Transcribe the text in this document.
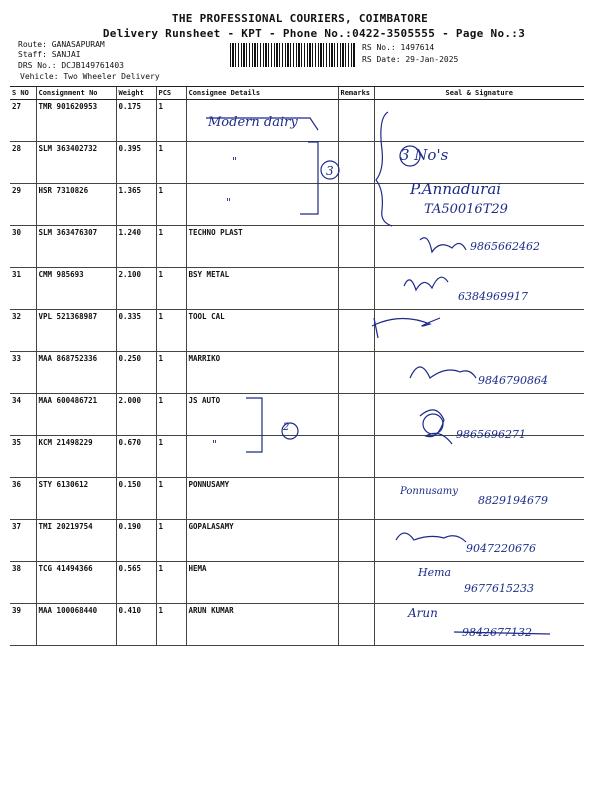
THE PROFESSIONAL COURIERS, COIMBATORE
Delivery Runsheet - KPT - Phone No.:0422-3505555 - Page No.:3
Route: GANASAPURAM
Staff: SANJAI
DRS No.: DCJB149761403
Vehicle: Two Wheeler Delivery
RS No.: 1497614
RS Date: 29-Jan-2025
S NO	Consignment No	Weight	PCS	Consignee Details	Remarks	Seal & Signature
27	TMR 901620953	0.175	1			
28	SLM 363402732	0.395	1			
29	HSR 7310826	1.365	1			
30	SLM 363476307	1.240	1	TECHNO PLAST		
31	CMM 985693	2.100	1	BSY METAL		
32	VPL 521368987	0.335	1	TOOL CAL		
33	MAA 868752336	0.250	1	MARRIKO		
34	MAA 600486721	2.000	1	JS AUTO		
35	KCM 21498229	0.670	1			
36	STY 6130612	0.150	1	PONNUSAMY		
37	TMI 20219754	0.190	1	GOPALASAMY		
38	TCG 41494366	0.565	1	HEMA		
39	MAA 100068440	0.410	1	ARUN KUMAR		
Modern dairy
"
"
3
3 No's
P.Annadurai
TA50016T29
9865662462
6384969917
9846790864
2
"
9865696271
Ponnusamy
8829194679
9047220676
Hema
9677615233
Arun
9842677132
